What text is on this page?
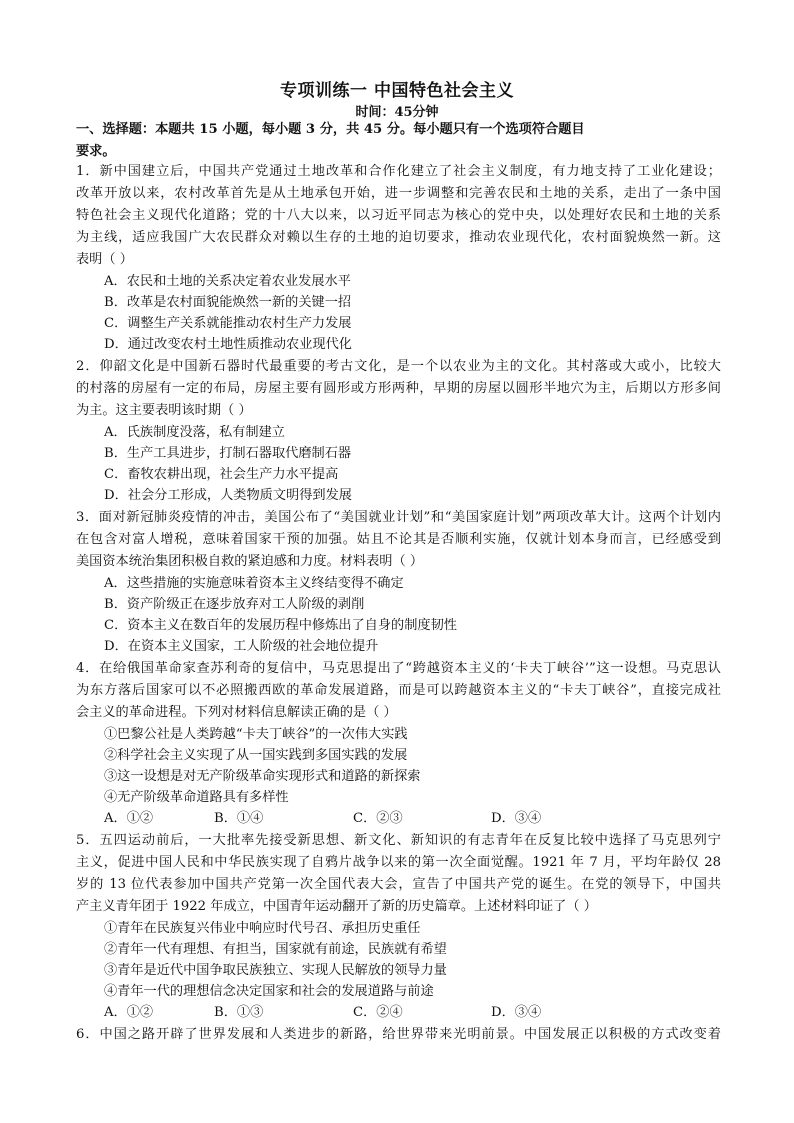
专项训练一 中国特色社会主义
时间：45分钟
一、选择题：本题共 15 小题，每小题 3 分，共 45 分。每小题只有一个选项符合题目
要求。
1．新中国建立后，中国共产党通过土地改革和合作化建立了社会主义制度，有力地支持了工业化建设；
改革开放以来，农村改革首先是从土地承包开始，进一步调整和完善农民和土地的关系，走出了一条中国
特色社会主义现代化道路；党的十八大以来，以习近平同志为核心的党中央，以处理好农民和土地的关系
为主线，适应我国广大农民群众对赖以生存的土地的迫切要求，推动农业现代化，农村面貌焕然一新。这
表明（ ）
A．农民和土地的关系决定着农业发展水平
B．改革是农村面貌能焕然一新的关键一招
C．调整生产关系就能推动农村生产力发展
D．通过改变农村土地性质推动农业现代化
2．仰韶文化是中国新石器时代最重要的考古文化，是一个以农业为主的文化。其村落或大或小，比较大
的村落的房屋有一定的布局，房屋主要有圆形或方形两种，早期的房屋以圆形半地穴为主，后期以方形多间
为主。这主要表明该时期（ ）
A．氏族制度没落，私有制建立
B．生产工具进步，打制石器取代磨制石器
C．畜牧农耕出现，社会生产力水平提高
D．社会分工形成，人类物质文明得到发展
3．面对新冠肺炎疫情的冲击，美国公布了“美国就业计划”和“美国家庭计划”两项改革大计。这两个计划内
在包含对富人增税，意味着国家干预的加强。姑且不论其是否顺利实施，仅就计划本身而言，已经感受到
美国资本统治集团积极自救的紧迫感和力度。材料表明（ ）
A．这些措施的实施意味着资本主义终结变得不确定
B．资产阶级正在逐步放弃对工人阶级的剥削
C．资本主义在数百年的发展历程中修炼出了自身的制度韧性
D．在资本主义国家，工人阶级的社会地位提升
4．在给俄国革命家查苏利奇的复信中，马克思提出了“跨越资本主义的‘卡夫丁峡谷’”这一设想。马克思认
为东方落后国家可以不必照搬西欧的革命发展道路，而是可以跨越资本主义的“卡夫丁峡谷”，直接完成社
会主义的革命进程。下列对材料信息解读正确的是（ ）
①巴黎公社是人类跨越“卡夫丁峡谷”的一次伟大实践
②科学社会主义实现了从一国实践到多国实践的发展
③这一设想是对无产阶级革命实现形式和道路的新探索
④无产阶级革命道路具有多样性
A．①②	B．①④	C．②③	D．③④
5．五四运动前后，一大批率先接受新思想、新文化、新知识的有志青年在反复比较中选择了马克思列宁
主义，促进中国人民和中华民族实现了自鸦片战争以来的第一次全面觉醒。1921 年 7 月，平均年龄仅 28
岁的 13 位代表参加中国共产党第一次全国代表大会，宣告了中国共产党的诞生。在党的领导下，中国共
产主义青年团于 1922 年成立，中国青年运动翻开了新的历史篇章。上述材料印证了（ ）
①青年在民族复兴伟业中响应时代号召、承担历史重任
②青年一代有理想、有担当，国家就有前途，民族就有希望
③青年是近代中国争取民族独立、实现人民解放的领导力量
④青年一代的理想信念决定国家和社会的发展道路与前途
A．①②	B．①③	C．②④	D．③④
6．中国之路开辟了世界发展和人类进步的新路，给世界带来光明前景。中国发展正以积极的方式改变着
